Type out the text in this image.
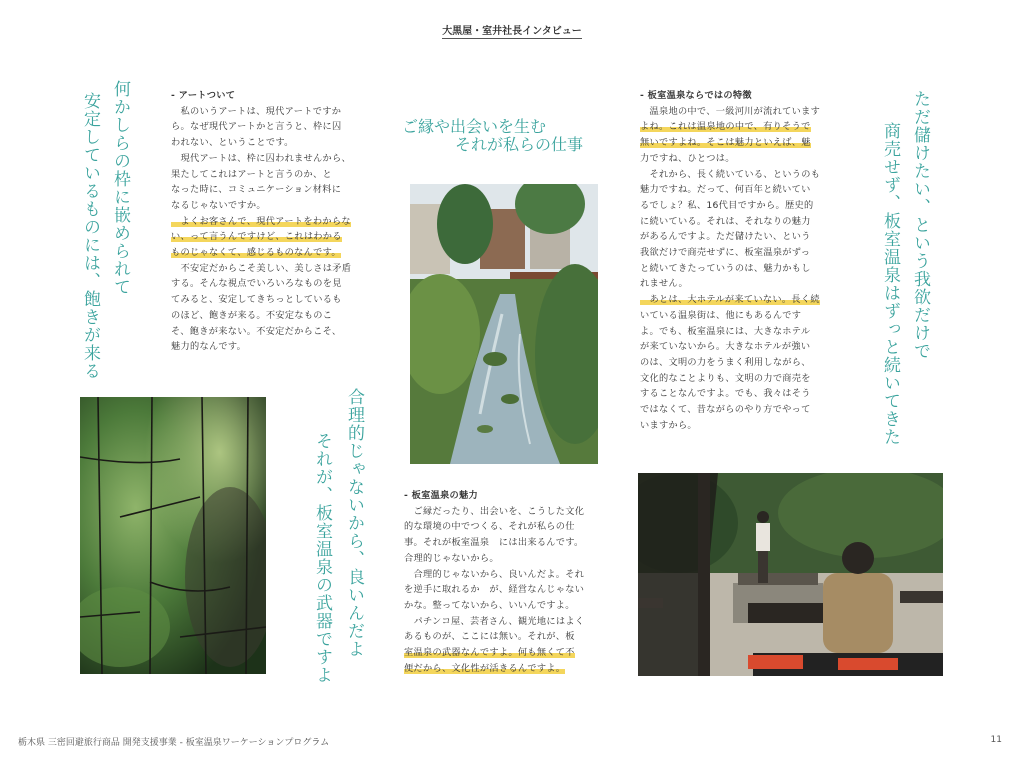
大黒屋・室井社長インタビュー
安定しているものには、飽きが来る 何かしらの枠に嵌められて	- アートついて

　私のいうアートは、現代アートですか

ら。なぜ現代アートかと言うと、枠に囚

われない、ということです。

　現代アートは、枠に囚われませんから、

果たしてこれはアートと言うのか、と

なった時に、コミュニケーション材料に

なるじゃないですか。

　よくお客さんで、現代アートをわからな

い、って言うんですけど、これはわかる

ものじゃなくて、感じるものなんです。

　不安定だからこそ美しい、美しさは矛盾

する。そんな視点でいろいろなものを見

てみると、安定してきちっとしているも

のほど、飽きが来る。不安定なものこ

そ、飽きが来ない。不安定だからこそ、

魅力的なんです。

ご縁や出会いを生む
それが私らの仕事
それが、板室温泉の武器ですよ 合理的じゃないから、良いんだよ	- 板室温泉の魅力

　ご縁だったり、出会いを、こうした文化

的な環境の中でつくる、それが私らの仕

事。それが板室温泉　には出来るんです。

合理的じゃないから。

　合理的じゃないから、良いんだよ。それ

を逆手に取れるか　が、経営なんじゃない

かな。整ってないから、いいんですよ。

　パチンコ屋、芸者さん、観光地にはよく

あるものが、ここには無い。それが、板

室温泉の武器なんですよ。何も無くて不

便だから、文化性が活きるんですよ。

- 板室温泉ならではの特徴

　温泉地の中で、一級河川が流れています

よね。これは温泉地の中で、有りそうで

無いですよね。そこは魅力といえば、魅

力ですね、ひとつは。

　それから、長く続いている、というのも

魅力ですね。だって、何百年と続いてい

るでしょ？私、16代目ですから。歴史的

に続いている。それは、それなりの魅力

があるんですよ。ただ儲けたい、という

我欲だけで商売せずに、板室温泉がずっ

と続いてきたっていうのは、魅力かもし

れません。

　あとは、大ホテルが来ていない。長く続

いている温泉街は、他にもあるんです

よ。でも、板室温泉には、大きなホテル

が来ていないから。大きなホテルが強い

のは、文明の力をうまく利用しながら、

文化的なことよりも、文明の力で商売を

することなんですよ。でも、我々はそう

ではなくて、昔ながらのやり方でやって

いますから。	商売せず、板室温泉はずっと続いてきた ただ儲けたい、という我欲だけで
栃木県 三密回避旅行商品 開発支援事業 - 板室温泉ワーケーションプログラム	11
